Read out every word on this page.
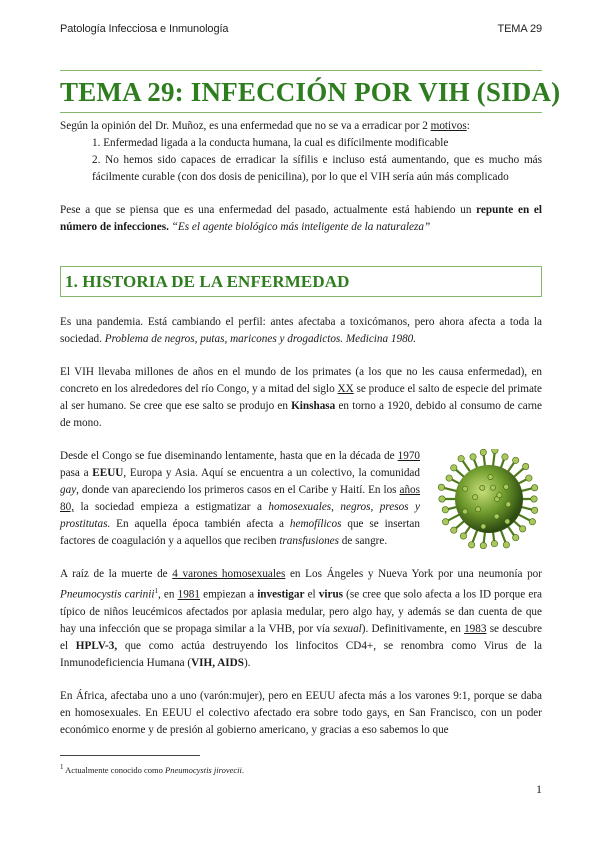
Patología Infecciosa e Inmunología	TEMA 29
TEMA 29: INFECCIÓN POR VIH (SIDA)

Según la opinión del Dr. Muñoz, es una enfermedad que no se va a erradicar por 2 motivos:

1. Enfermedad ligada a la conducta humana, la cual es difícilmente modificable

2. No hemos sido capaces de erradicar la sífilis e incluso está aumentando, que es mucho más fácilmente curable (con dos dosis de penicilina), por lo que el VIH sería aún más complicado

Pese a que se piensa que es una enfermedad del pasado, actualmente está habiendo un repunte en el número de infecciones. “Es el agente biológico más inteligente de la naturaleza”

1. HISTORIA DE LA ENFERMEDAD

Es una pandemia. Está cambiando el perfil: antes afectaba a toxicómanos, pero ahora afecta a toda la sociedad. Problema de negros, putas, maricones y drogadictos. Medicina 1980.

El VIH llevaba millones de años en el mundo de los primates (a los que no les causa enfermedad), en concreto en los alrededores del río Congo, y a mitad del siglo XX se produce el salto de especie del primate al ser humano. Se cree que ese salto se produjo en Kinshasa en torno a 1920, debido al consumo de carne de mono.

Desde el Congo se fue diseminando lentamente, hasta que en la década de 1970 pasa a EEUU, Europa y Asia. Aquí se encuentra a un colectivo, la comunidad gay, donde van apareciendo los primeros casos en el Caribe y Haití. En los años 80, la sociedad empieza a estigmatizar a homosexuales, negros, presos y prostitutas. En aquella época también afecta a hemofílicos que se insertan factores de coagulación y a aquellos que reciben transfusiones de sangre.

A raíz de la muerte de 4 varones homosexuales en Los Ángeles y Nueva York por una neumonía por Pneumocystis carinii$^1$, en 1981 empiezan a investigar el virus (se cree que solo afecta a los ID porque era típico de niños leucémicos afectados por aplasia medular, pero algo hay, y además se dan cuenta de que hay una infección que se propaga similar a la VHB, por vía sexual). Definitivamente, en 1983 se descubre el HPLV-3, que como actúa destruyendo los linfocitos CD4+, se renombra como Virus de la Inmunodeficiencia Humana (VIH, AIDS).

En África, afectaba uno a uno (varón:mujer), pero en EEUU afecta más a los varones 9:1, porque se daba en homosexuales. En EEUU el colectivo afectado era sobre todo gays, en San Francisco, con un poder económico enorme y de presión al gobierno americano, y gracias a eso sabemos lo que

$^1$ Actualmente conocido como Pneumocystis jirovecii.
1
